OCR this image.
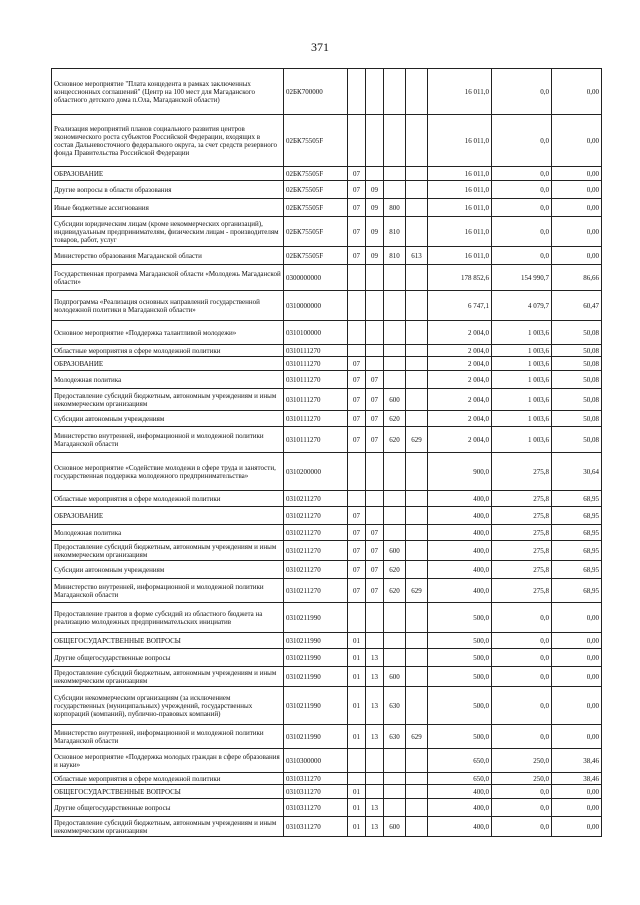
371
Основное мероприятие "Плата концедента в рамках заключенных концессионных соглашений" (Центр на 100 мест для Магаданского областного детского дома п.Ола, Магаданской области)	02БК700000					16 011,0	0,0	0,00
Реализация мероприятий планов социального развития центров экономического роста субъектов Российской Федерации, входящих в состав Дальневосточного федерального округа, за счет средств резервного фонда Правительства Российской Федерации	02БК75505F					16 011,0	0,0	0,00
ОБРАЗОВАНИЕ	02БК75505F	07				16 011,0	0,0	0,00
Другие вопросы в области образования	02БК75505F	07	09			16 011,0	0,0	0,00
Иные бюджетные ассигнования	02БК75505F	07	09	800		16 011,0	0,0	0,00
Субсидии юридическим лицам (кроме некоммерческих организаций), индивидуальным предпринимателям, физическим лицам - производителям товаров, работ, услуг	02БК75505F	07	09	810		16 011,0	0,0	0,00
Министерство образования Магаданской области	02БК75505F	07	09	810	613	16 011,0	0,0	0,00
Государственная программа Магаданской области «Молодежь Магаданской области»	0300000000					178 852,6	154 990,7	86,66
Подпрограмма «Реализация основных направлений государственной молодежной политики в Магаданской области»	0310000000					6 747,1	4 079,7	60,47
Основное мероприятие «Поддержка талантливой молодежи»	0310100000					2 004,0	1 003,6	50,08
Областные мероприятия в сфере молодежной политики	0310111270					2 004,0	1 003,6	50,08
ОБРАЗОВАНИЕ	0310111270	07				2 004,0	1 003,6	50,08
Молодежная политика	0310111270	07	07			2 004,0	1 003,6	50,08
Предоставление субсидий бюджетным, автономным учреждениям и иным некоммерческим организациям	0310111270	07	07	600		2 004,0	1 003,6	50,08
Субсидии автономным учреждениям	0310111270	07	07	620		2 004,0	1 003,6	50,08
Министерство внутренней, информационной и молодежной политики Магаданской области	0310111270	07	07	620	629	2 004,0	1 003,6	50,08
Основное мероприятие «Содействие молодежи в сфере труда и занятости, государственная поддержка молодежного предпринимательства»	0310200000					900,0	275,8	30,64
Областные мероприятия в сфере молодежной политики	0310211270					400,0	275,8	68,95
ОБРАЗОВАНИЕ	0310211270	07				400,0	275,8	68,95
Молодежная политика	0310211270	07	07			400,0	275,8	68,95
Предоставление субсидий бюджетным, автономным учреждениям и иным некоммерческим организациям	0310211270	07	07	600		400,0	275,8	68,95
Субсидии автономным учреждениям	0310211270	07	07	620		400,0	275,8	68,95
Министерство внутренней, информационной и молодежной политики Магаданской области	0310211270	07	07	620	629	400,0	275,8	68,95
Предоставление грантов в форме субсидий из областного бюджета на реализацию молодежных предпринимательских инициатив	0310211990					500,0	0,0	0,00
ОБЩЕГОСУДАРСТВЕННЫЕ ВОПРОСЫ	0310211990	01				500,0	0,0	0,00
Другие общегосударственные вопросы	0310211990	01	13			500,0	0,0	0,00
Предоставление субсидий бюджетным, автономным учреждениям и иным некоммерческим организациям	0310211990	01	13	600		500,0	0,0	0,00
Субсидии некоммерческим организациям (за исключением государственных (муниципальных) учреждений, государственных корпораций (компаний), публично-правовых компаний)	0310211990	01	13	630		500,0	0,0	0,00
Министерство внутренней, информационной и молодежной политики Магаданской области	0310211990	01	13	630	629	500,0	0,0	0,00
Основное мероприятие «Поддержка молодых граждан в сфере образования и науки»	0310300000					650,0	250,0	38,46
Областные мероприятия в сфере молодежной политики	0310311270					650,0	250,0	38,46
ОБЩЕГОСУДАРСТВЕННЫЕ ВОПРОСЫ	0310311270	01				400,0	0,0	0,00
Другие общегосударственные вопросы	0310311270	01	13			400,0	0,0	0,00
Предоставление субсидий бюджетным, автономным учреждениям и иным некоммерческим организациям	0310311270	01	13	600		400,0	0,0	0,00
